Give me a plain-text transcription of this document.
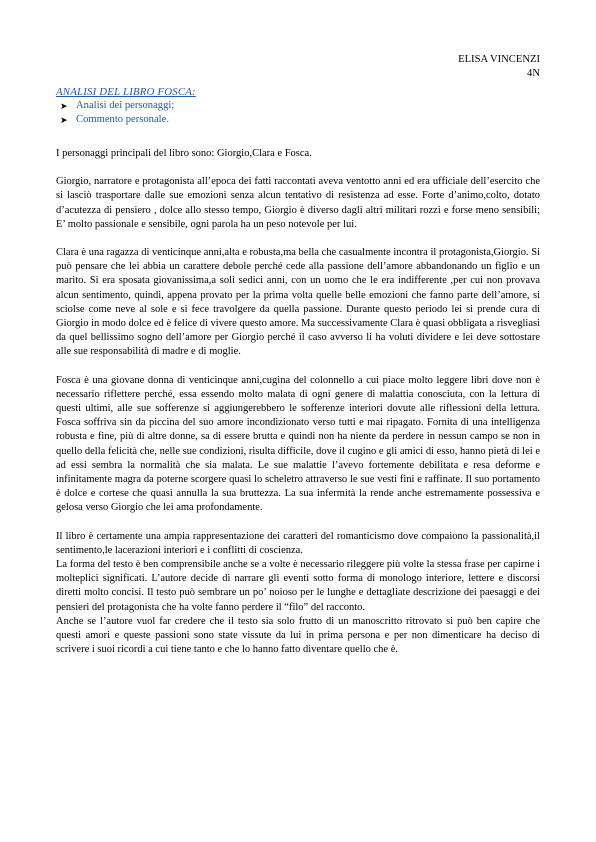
ELISA VINCENZI
4N
ANALISI DEL LIBRO FOSCA:
➤ Analisi dei personaggi;
➤ Commento personale.

I personaggi principali del libro sono: Giorgio,Clara e Fosca.

Giorgio, narratore e protagonista all’epoca dei fatti raccontati aveva ventotto anni ed era ufficiale dell’esercito che si lasciò trasportare dalle sue emozioni senza alcun tentativo di resistenza ad esse. Forte d’animo,colto, dotato d’acutezza di pensiero , dolce allo stesso tempo, Giorgio è diverso dagli altri militari rozzi e forse meno sensibili; E’ molto passionale e sensibile, ogni parola ha un peso notevole per lui.

Clara è una ragazza di venticinque anni,alta e robusta,ma bella che casualmente incontra il protagonista,Giorgio. Si può pensare che lei abbia un carattere debole perché cede alla passione dell’amore abbandonando un figlio e un marito. Si era sposata giovanissima,a soli sedici anni, con un uomo che le era indifferente ,per cui non provava alcun sentimento, quindi, appena provato per la prima volta quelle belle emozioni che fanno parte dell’amore, si sciolse come neve al sole e si fece travolgere da quella passione. Durante questo periodo lei si prende cura di Giorgio in modo dolce ed è felice di vivere questo amore. Ma successivamente Clara è quasi obbligata a risvegliasi da quel bellissimo sogno dell’amore per Giorgio perché il caso avverso li ha voluti dividere e lei deve sottostare alle sue responsabilità di madre e di moglie.

Fosca è una giovane donna di venticinque anni,cugina del colonnello a cui piace molto leggere libri dove non è necessario riflettere perché, essa essendo molto malata di ogni genere di malattia conosciuta, con la lettura di questi ultimi, alle sue sofferenze si aggiungerebbero le sofferenze interiori dovute alle riflessioni della lettura. Fosca soffriva sin da piccina del suo amore incondizionato verso tutti e mai ripagato. Fornita di una intelligenza robusta e fine, più di altre donne, sa di essere brutta e quindi non ha niente da perdere in nessun campo se non in quello della felicità che, nelle sue condizioni, risulta difficile, dove il cugino e gli amici di esso, hanno pietà di lei e ad essi sembra la normalità che sia malata. Le sue malattie l’avevo fortemente debilitata e resa deforme e infinitamente magra da poterne scorgere quasi lo scheletro attraverso le sue vesti fini e raffinate. Il suo portamento è dolce e cortese che quasi annulla la sua bruttezza. La sua infermità la rende anche estremamente possessiva e gelosa verso Giorgio che lei ama profondamente.

Il libro è certamente una ampia rappresentazione dei caratteri del romanticismo dove compaiono la passionalità,il sentimento,le lacerazioni interiori e i conflitti di coscienza.

La forma del testo è ben comprensibile anche se a volte è necessario rileggere più volte la stessa frase per capirne i molteplici significati. L’autore decide di narrare gli eventi sotto forma di monologo interiore, lettere e discorsi diretti molto concisi. Il testo può sembrare un po’ noioso per le lunghe e dettagliate descrizione dei paesaggi e dei pensieri del protagonista che ha volte fanno perdere il “filo” del racconto.

Anche se l’autore vuol far credere che il testo sia solo frutto di un manoscritto ritrovato si può ben capire che questi amori e queste passioni sono state vissute da lui in prima persona e per non dimenticare ha deciso di scrivere i suoi ricordi a cui tiene tanto e che lo hanno fatto diventare quello che è.
